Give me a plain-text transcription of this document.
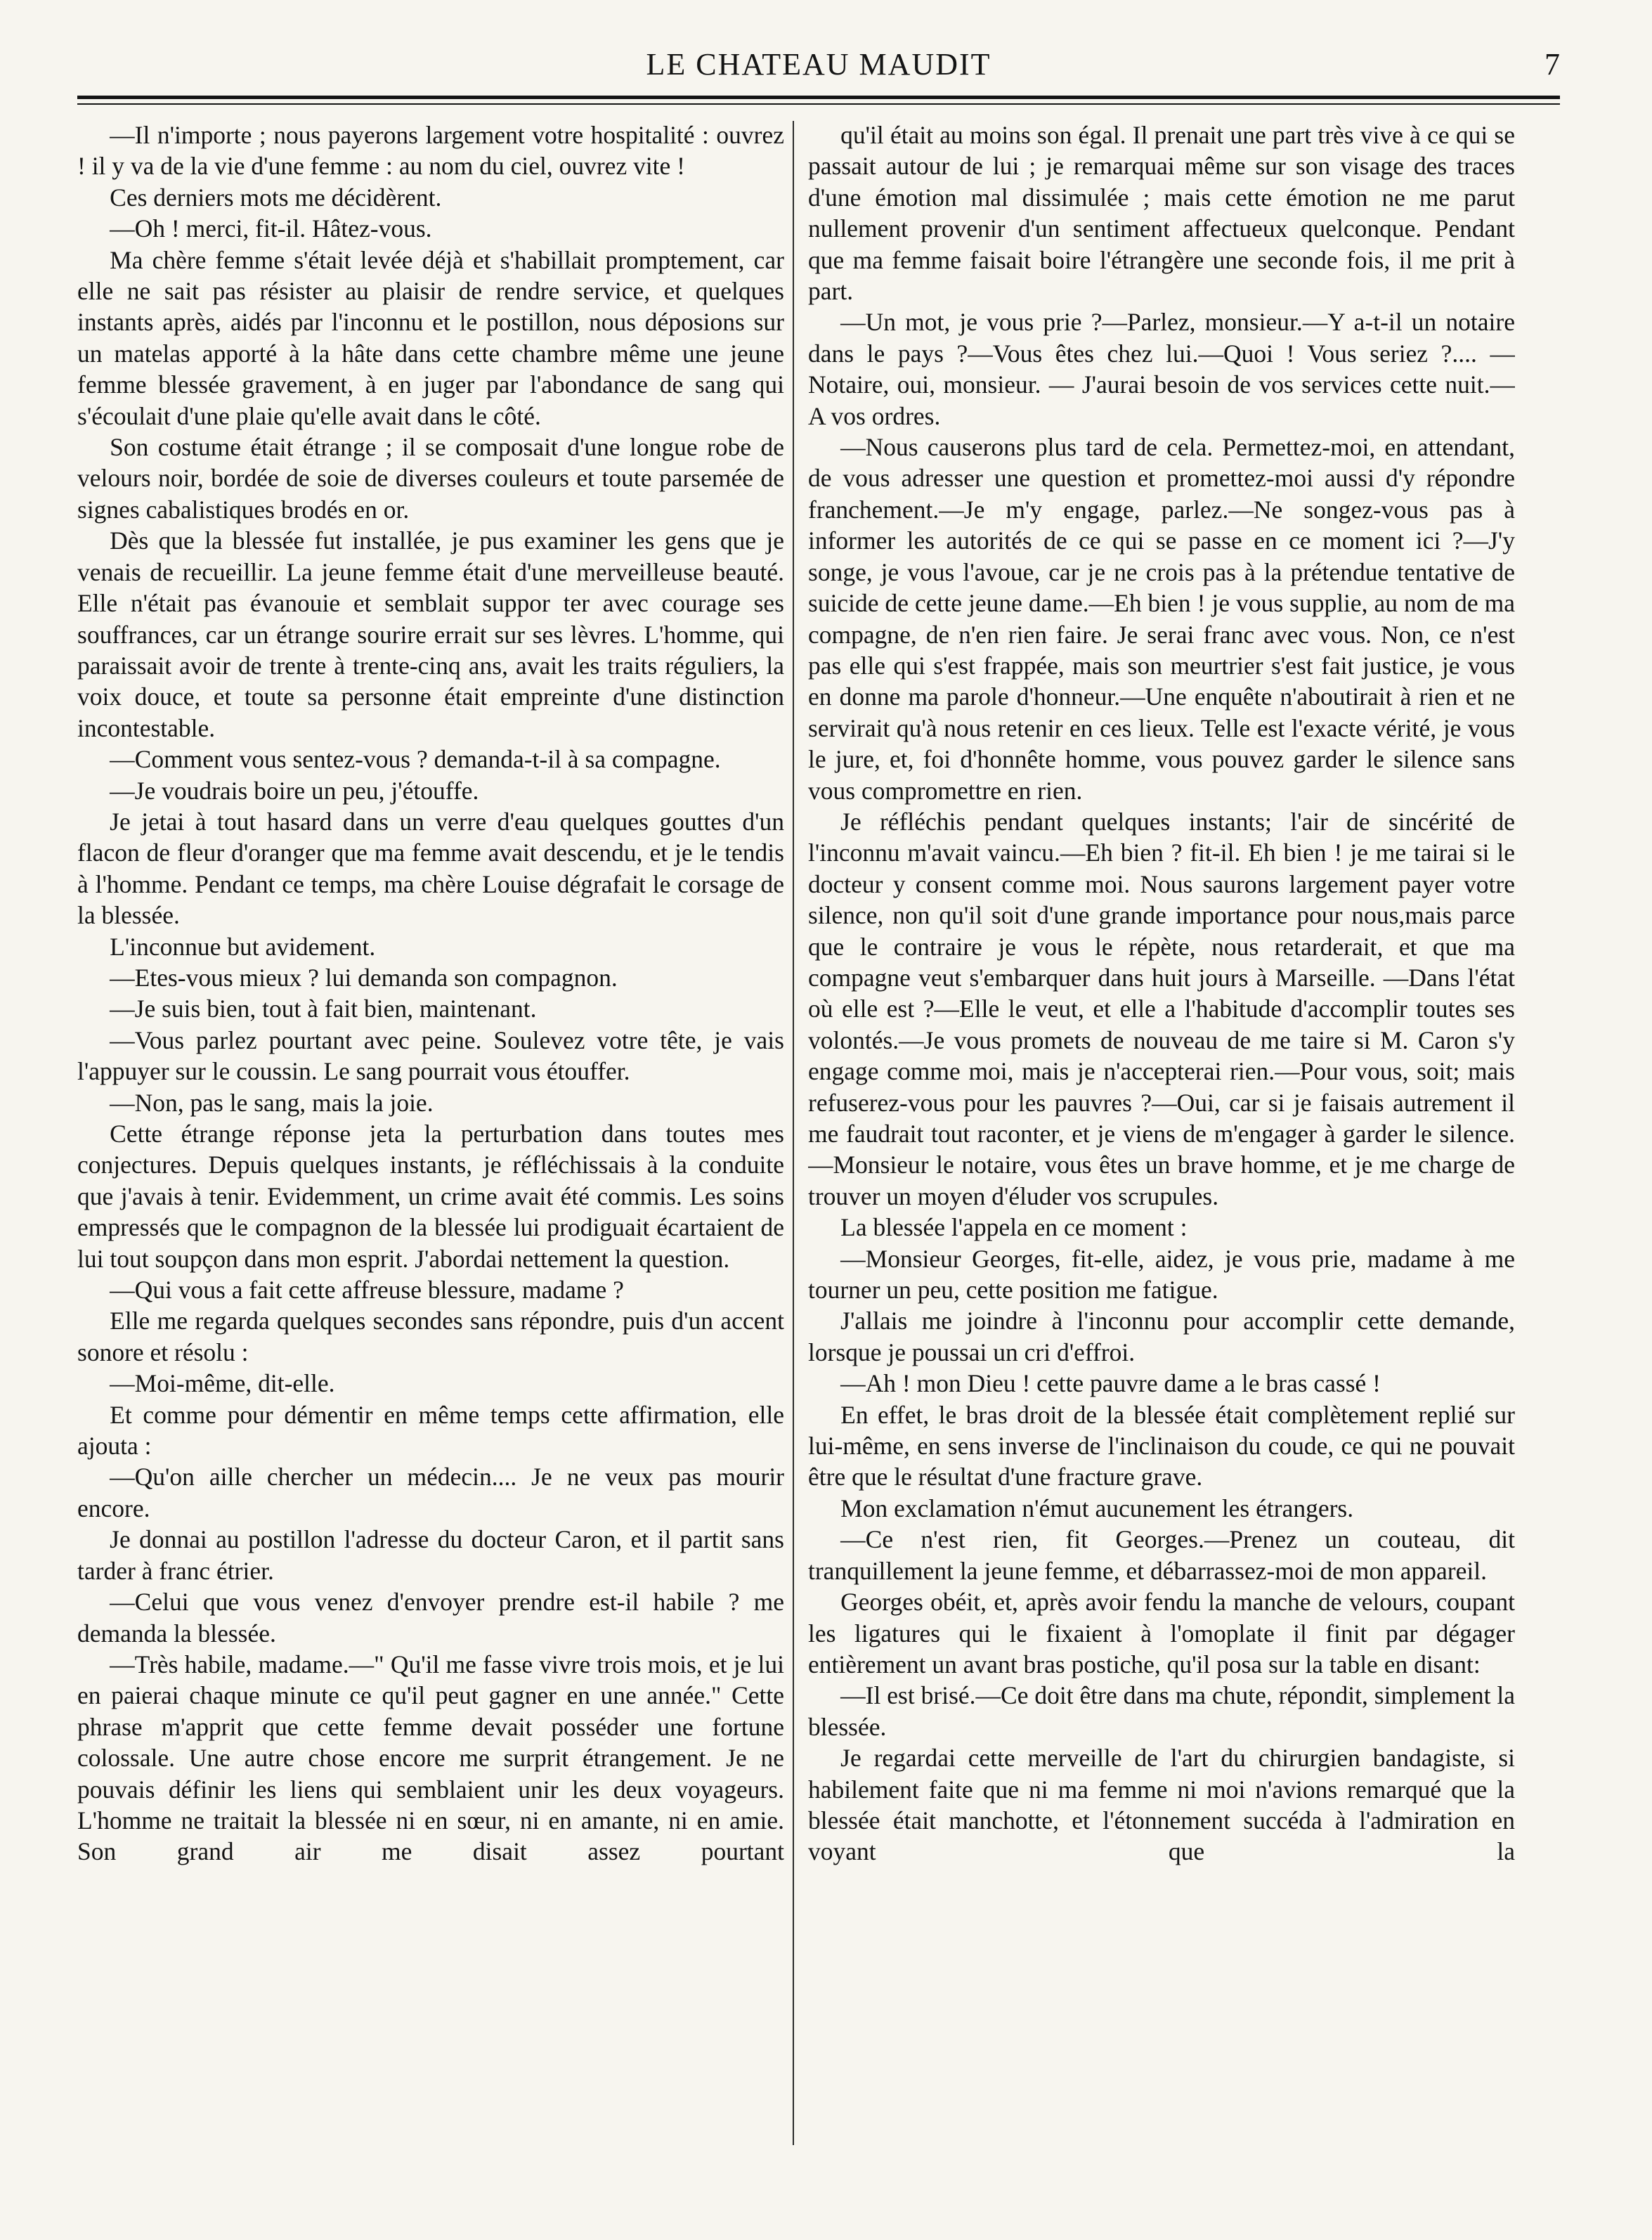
LE CHATEAU MAUDIT	7

—Il n'importe ; nous payerons largement votre hospitalité : ouvrez ! il y va de la vie d'une femme : au nom du ciel, ouvrez vite !

Ces derniers mots me décidèrent.

—Oh ! merci, fit-il. Hâtez-vous.

Ma chère femme s'était levée déjà et s'habillait promptement, car elle ne sait pas résister au plaisir de rendre service, et quelques instants après, aidés par l'inconnu et le postillon, nous déposions sur un matelas apporté à la hâte dans cette chambre même une jeune femme blessée gravement, à en juger par l'abondance de sang qui s'écoulait d'une plaie qu'elle avait dans le côté.

Son costume était étrange ; il se composait d'une longue robe de velours noir, bordée de soie de diverses couleurs et toute parsemée de signes cabalistiques brodés en or.

Dès que la blessée fut installée, je pus examiner les gens que je venais de recueillir. La jeune femme était d'une merveilleuse beauté. Elle n'était pas évanouie et semblait suppor ter avec courage ses souffrances, car un étrange sourire errait sur ses lèvres. L'homme, qui paraissait avoir de trente à trente-cinq ans, avait les traits réguliers, la voix douce, et toute sa personne était empreinte d'une distinction incontestable.

—Comment vous sentez-vous ? demanda-t-il à sa compagne.

—Je voudrais boire un peu, j'étouffe.

Je jetai à tout hasard dans un verre d'eau quelques gouttes d'un flacon de fleur d'oranger que ma femme avait descendu, et je le tendis à l'homme. Pendant ce temps, ma chère Louise dégrafait le corsage de la blessée.

L'inconnue but avidement.

—Etes-vous mieux ? lui demanda son compagnon.

—Je suis bien, tout à fait bien, maintenant.

—Vous parlez pourtant avec peine. Soulevez votre tête, je vais l'appuyer sur le coussin. Le sang pourrait vous étouffer.

—Non, pas le sang, mais la joie.

Cette étrange réponse jeta la perturbation dans toutes mes conjectures. Depuis quelques instants, je réfléchissais à la conduite que j'avais à tenir. Evidemment, un crime avait été commis. Les soins empressés que le compagnon de la blessée lui prodiguait écartaient de lui tout soupçon dans mon esprit. J'abordai nettement la question.

—Qui vous a fait cette affreuse blessure, madame ?

Elle me regarda quelques secondes sans répondre, puis d'un accent sonore et résolu :

—Moi-même, dit-elle.

Et comme pour démentir en même temps cette affirmation, elle ajouta :

—Qu'on aille chercher un médecin.... Je ne veux pas mourir encore.

Je donnai au postillon l'adresse du docteur Caron, et il partit sans tarder à franc étrier.

—Celui que vous venez d'envoyer prendre est-il habile ? me demanda la blessée.

—Très habile, madame.—" Qu'il me fasse vivre trois mois, et je lui en paierai chaque minute ce qu'il peut gagner en une année." Cette phrase m'apprit que cette femme devait posséder une fortune colossale. Une autre chose encore me surprit étrangement. Je ne pouvais définir les liens qui semblaient unir les deux voyageurs. L'homme ne traitait la blessée ni en sœur, ni en amante, ni en amie. Son grand air me disait assez pourtant

qu'il était au moins son égal. Il prenait une part très vive à ce qui se passait autour de lui ; je remarquai même sur son visage des traces d'une émotion mal dissimulée ; mais cette émotion ne me parut nullement provenir d'un sentiment affectueux quelconque. Pendant que ma femme faisait boire l'étrangère une seconde fois, il me prit à part.

—Un mot, je vous prie ?—Parlez, monsieur.—Y a-t-il un notaire dans le pays ?—Vous êtes chez lui.—Quoi ! Vous seriez ?.... —Notaire, oui, monsieur. — J'aurai besoin de vos services cette nuit.—A vos ordres.

—Nous causerons plus tard de cela. Permettez-moi, en attendant, de vous adresser une question et promettez-moi aussi d'y répondre franchement.—Je m'y engage, parlez.—Ne songez-vous pas à informer les autorités de ce qui se passe en ce moment ici ?—J'y songe, je vous l'avoue, car je ne crois pas à la prétendue tentative de suicide de cette jeune dame.—Eh bien ! je vous supplie, au nom de ma compagne, de n'en rien faire. Je serai franc avec vous. Non, ce n'est pas elle qui s'est frappée, mais son meurtrier s'est fait justice, je vous en donne ma parole d'honneur.—Une enquête n'aboutirait à rien et ne servirait qu'à nous retenir en ces lieux. Telle est l'exacte vérité, je vous le jure, et, foi d'honnête homme, vous pouvez garder le silence sans vous compromettre en rien.

Je réfléchis pendant quelques instants; l'air de sincérité de l'inconnu m'avait vaincu.—Eh bien ? fit-il. Eh bien ! je me tairai si le docteur y consent comme moi. Nous saurons largement payer votre silence, non qu'il soit d'une grande importance pour nous,mais parce que le contraire je vous le répète, nous retarderait, et que ma compagne veut s'embarquer dans huit jours à Marseille. —Dans l'état où elle est ?—Elle le veut, et elle a l'habitude d'accomplir toutes ses volontés.—Je vous promets de nouveau de me taire si M. Caron s'y engage comme moi, mais je n'accepterai rien.—Pour vous, soit; mais refuserez-vous pour les pauvres ?—Oui, car si je faisais autrement il me faudrait tout raconter, et je viens de m'engager à garder le silence.—Monsieur le notaire, vous êtes un brave homme, et je me charge de trouver un moyen d'éluder vos scrupules.

La blessée l'appela en ce moment :

—Monsieur Georges, fit-elle, aidez, je vous prie, madame à me tourner un peu, cette position me fatigue.

J'allais me joindre à l'inconnu pour accomplir cette demande, lorsque je poussai un cri d'effroi.

—Ah ! mon Dieu ! cette pauvre dame a le bras cassé !

En effet, le bras droit de la blessée était complètement replié sur lui-même, en sens inverse de l'inclinaison du coude, ce qui ne pouvait être que le résultat d'une fracture grave.

Mon exclamation n'émut aucunement les étrangers.

—Ce n'est rien, fit Georges.—Prenez un couteau, dit tranquillement la jeune femme, et débarrassez-moi de mon appareil.

Georges obéit, et, après avoir fendu la manche de velours, coupant les ligatures qui le fixaient à l'omoplate il finit par dégager entièrement un avant bras postiche, qu'il posa sur la table en disant:

—Il est brisé.—Ce doit être dans ma chute, répondit, simplement la blessée.

Je regardai cette merveille de l'art du chirurgien bandagiste, si habilement faite que ni ma femme ni moi n'avions remarqué que la blessée était manchotte, et l'étonnement succéda à l'admiration en voyant que la
